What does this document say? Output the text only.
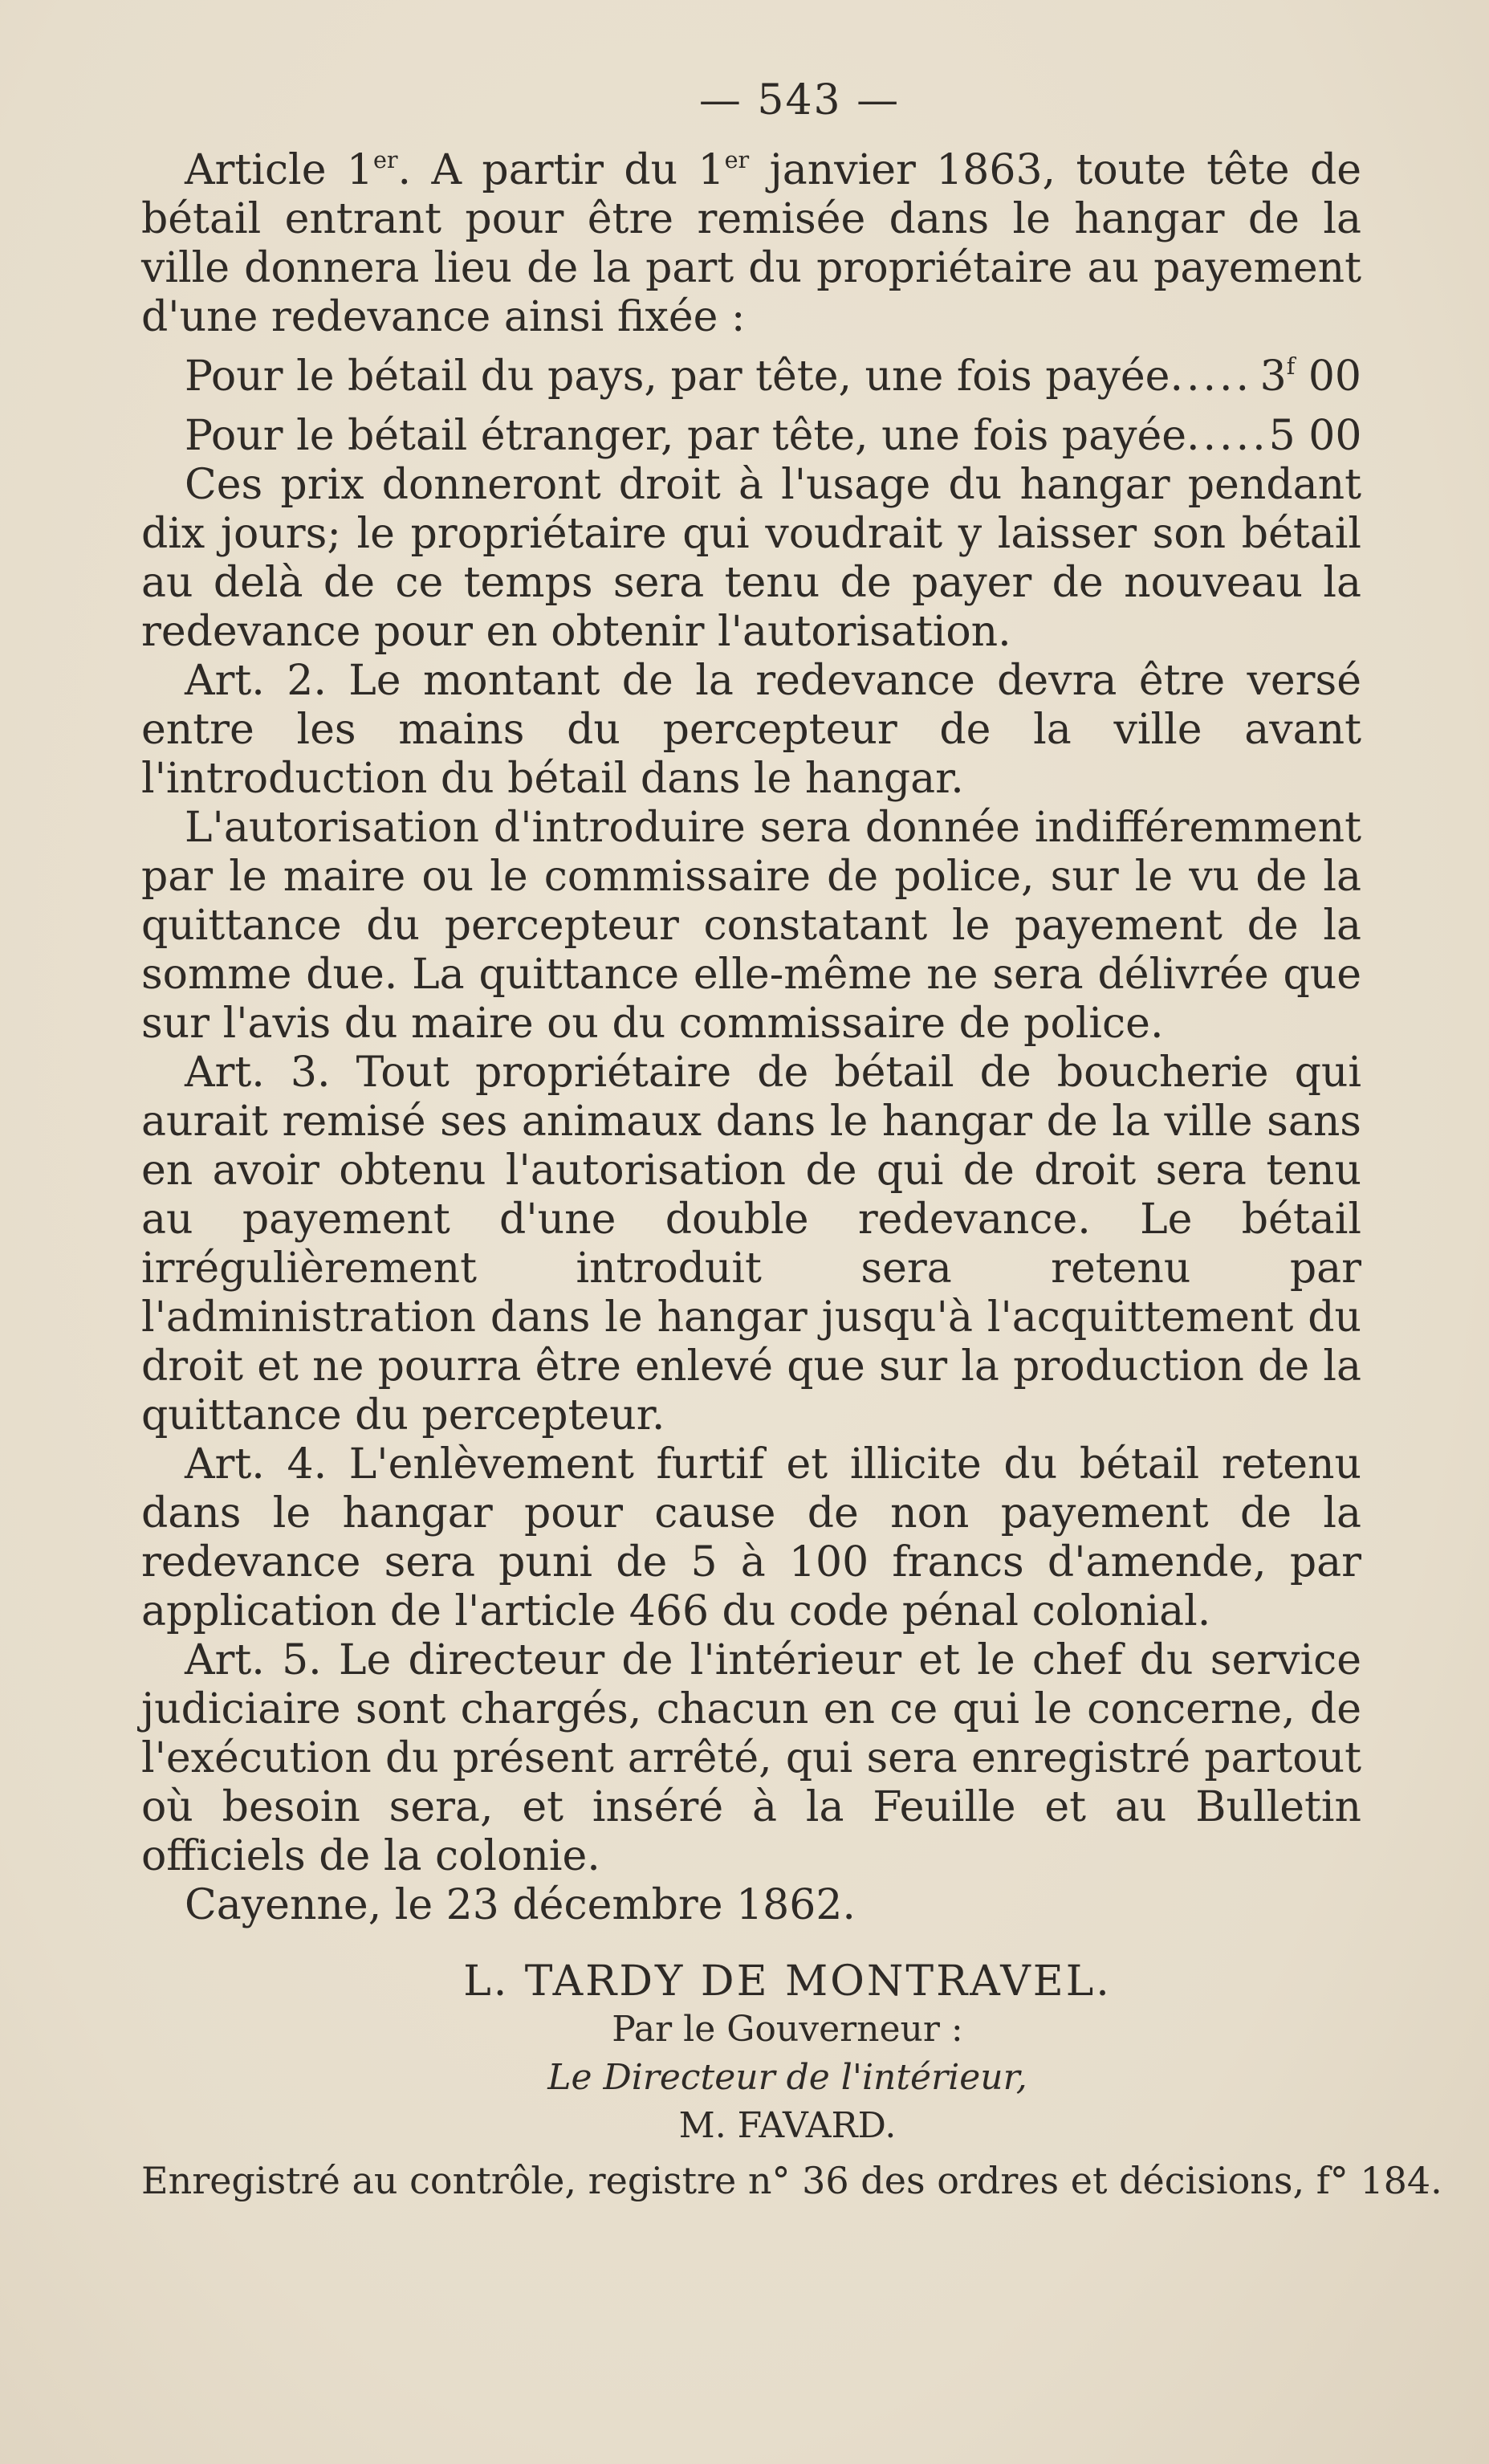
— 543 —

Article 1er. A partir du 1er janvier 1863, toute tête de bétail entrant pour être remisée dans le hangar de la ville donnera lieu de la part du propriétaire au payement d'une redevance ainsi fixée :

Pour le bétail du pays, par tête, une fois payée ..... 3$^f$ 00
Pour le bétail étranger, par tête, une fois payée ..... 5 00

Ces prix donneront droit à l'usage du hangar pendant dix jours; le propriétaire qui voudrait y laisser son bétail au delà de ce temps sera tenu de payer de nouveau la redevance pour en obtenir l'autorisation.

Art. 2. Le montant de la redevance devra être versé entre les mains du percepteur de la ville avant l'introduction du bétail dans le hangar.

L'autorisation d'introduire sera donnée indifféremment par le maire ou le commissaire de police, sur le vu de la quittance du percepteur constatant le payement de la somme due. La quittance elle-même ne sera délivrée que sur l'avis du maire ou du commissaire de police.

Art. 3. Tout propriétaire de bétail de boucherie qui aurait remisé ses animaux dans le hangar de la ville sans en avoir obtenu l'autorisation de qui de droit sera tenu au payement d'une double redevance. Le bétail irrégulièrement introduit sera retenu par l'administration dans le hangar jusqu'à l'acquittement du droit et ne pourra être enlevé que sur la production de la quittance du percepteur.

Art. 4. L'enlèvement furtif et illicite du bétail retenu dans le hangar pour cause de non payement de la redevance sera puni de 5 à 100 francs d'amende, par application de l'article 466 du code pénal colonial.

Art. 5. Le directeur de l'intérieur et le chef du service judiciaire sont chargés, chacun en ce qui le concerne, de l'exécution du présent arrêté, qui sera enregistré partout où besoin sera, et inséré à la Feuille et au Bulletin officiels de la colonie.

Cayenne, le 23 décembre 1862.

L. TARDY DE MONTRAVEL.
Par le Gouverneur :
Le Directeur de l'intérieur,
M. FAVARD.
Enregistré au contrôle, registre n° 36 des ordres et décisions, f° 184.
